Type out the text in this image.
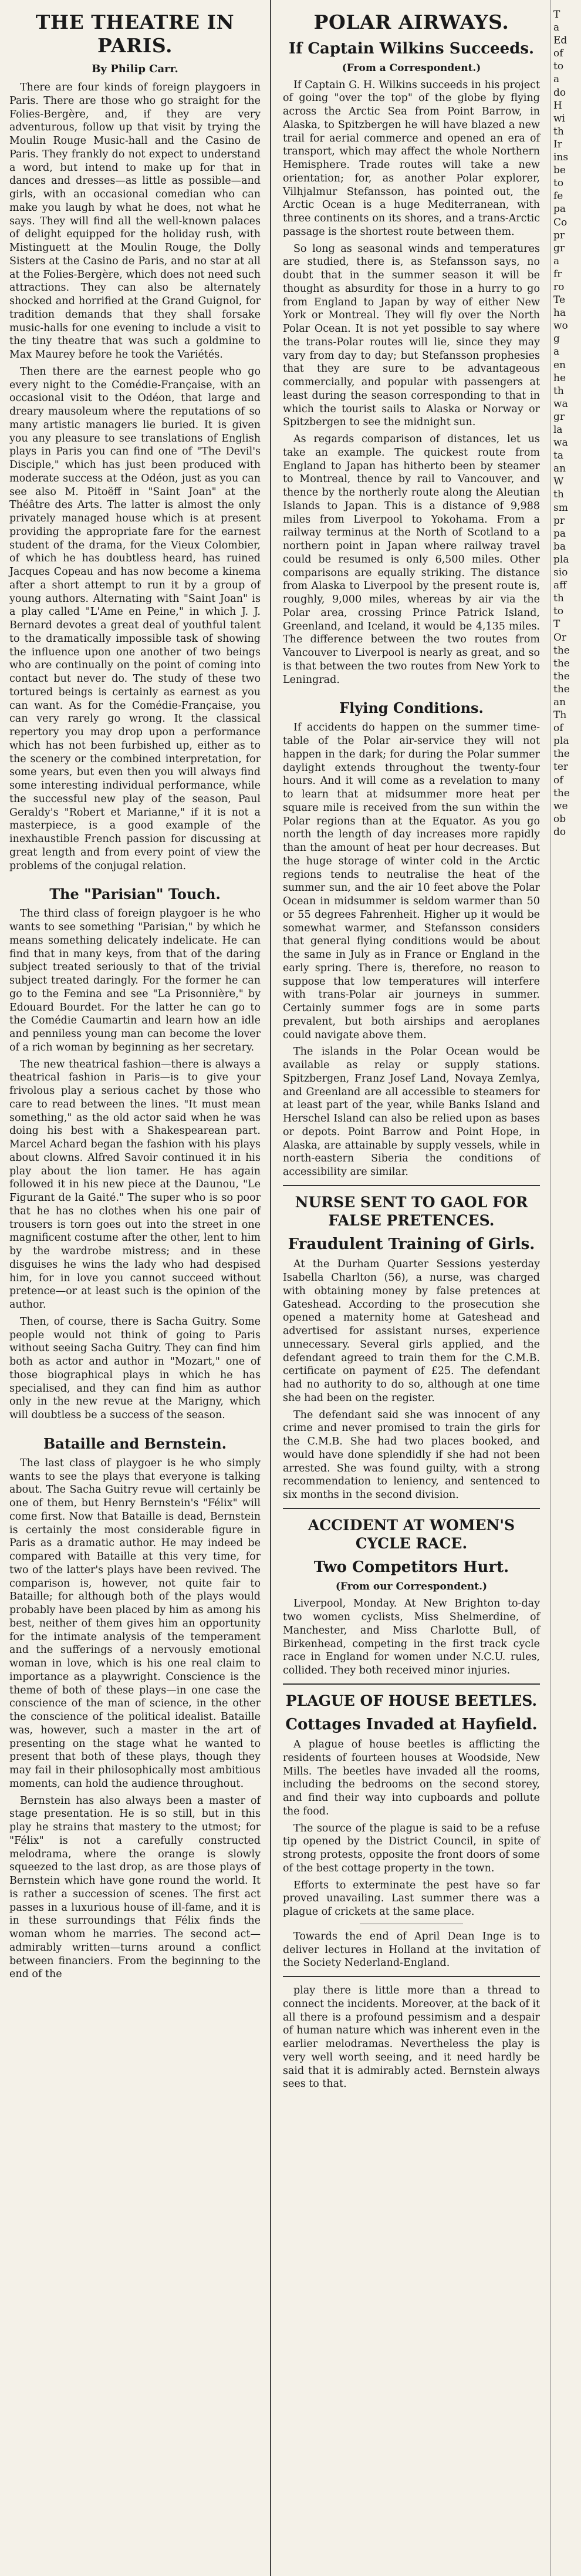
THE THEATRE IN PARIS.
By Philip Carr.

There are four kinds of foreign playgoers in Paris. There are those who go straight for the Folies-Bergère, and, if they are very adventurous, follow up that visit by trying the Moulin Rouge Music-hall and the Casino de Paris. They frankly do not expect to understand a word, but intend to make up for that in dances and dresses—as little as possible—and girls, with an occasional comedian who can make you laugh by what he does, not what he says. They will find all the well-known palaces of delight equipped for the holiday rush, with Mistinguett at the Moulin Rouge, the Dolly Sisters at the Casino de Paris, and no star at all at the Folies-Bergère, which does not need such attractions. They can also be alternately shocked and horrified at the Grand Guignol, for tradition demands that they shall forsake music-halls for one evening to include a visit to the tiny theatre that was such a goldmine to Max Maurey before he took the Variétés.

Then there are the earnest people who go every night to the Comédie-Française, with an occasional visit to the Odéon, that large and dreary mausoleum where the reputations of so many artistic managers lie buried. It is given you any pleasure to see translations of English plays in Paris you can find one of "The Devil's Disciple," which has just been produced with moderate success at the Odéon, just as you can see also M. Pitoëff in "Saint Joan" at the Théâtre des Arts. The latter is almost the only privately managed house which is at present providing the appropriate fare for the earnest student of the drama, for the Vieux Colombier, of which he has doubtless heard, has ruined Jacques Copeau and has now become a kinema after a short attempt to run it by a group of young authors. Alternating with "Saint Joan" is a play called "L'Ame en Peine," in which J. J. Bernard devotes a great deal of youthful talent to the dramatically impossible task of showing the influence upon one another of two beings who are continually on the point of coming into contact but never do. The study of these two tortured beings is certainly as earnest as you can want. As for the Comédie-Française, you can very rarely go wrong. It the classical repertory you may drop upon a performance which has not been furbished up, either as to the scenery or the combined interpretation, for some years, but even then you will always find some interesting individual performance, while the successful new play of the season, Paul Geraldy's "Robert et Marianne," if it is not a masterpiece, is a good example of the inexhaustible French passion for discussing at great length and from every point of view the problems of the conjugal relation.

The "Parisian" Touch.

The third class of foreign playgoer is he who wants to see something "Parisian," by which he means something delicately indelicate. He can find that in many keys, from that of the daring subject treated seriously to that of the trivial subject treated daringly. For the former he can go to the Femina and see "La Prisonnière," by Edouard Bourdet. For the latter he can go to the Comédie Caumartin and learn how an idle and penniless young man can become the lover of a rich woman by beginning as her secretary.

The new theatrical fashion—there is always a theatrical fashion in Paris—is to give your frivolous play a serious cachet by those who care to read between the lines. "It must mean something," as the old actor said when he was doing his best with a Shakespearean part. Marcel Achard began the fashion with his plays about clowns. Alfred Savoir continued it in his play about the lion tamer. He has again followed it in his new piece at the Daunou, "Le Figurant de la Gaité." The super who is so poor that he has no clothes when his one pair of trousers is torn goes out into the street in one magnificent costume after the other, lent to him by the wardrobe mistress; and in these disguises he wins the lady who had despised him, for in love you cannot succeed without pretence—or at least such is the opinion of the author.

Then, of course, there is Sacha Guitry. Some people would not think of going to Paris without seeing Sacha Guitry. They can find him both as actor and author in "Mozart," one of those biographical plays in which he has specialised, and they can find him as author only in the new revue at the Marigny, which will doubtless be a success of the season.

Bataille and Bernstein.

The last class of playgoer is he who simply wants to see the plays that everyone is talking about. The Sacha Guitry revue will certainly be one of them, but Henry Bernstein's "Félix" will come first. Now that Bataille is dead, Bernstein is certainly the most considerable figure in Paris as a dramatic author. He may indeed be compared with Bataille at this very time, for two of the latter's plays have been revived. The comparison is, however, not quite fair to Bataille; for although both of the plays would probably have been placed by him as among his best, neither of them gives him an opportunity for the intimate analysis of the temperament and the sufferings of a nervously emotional woman in love, which is his one real claim to importance as a playwright. Conscience is the theme of both of these plays—in one case the conscience of the man of science, in the other the conscience of the political idealist. Bataille was, however, such a master in the art of presenting on the stage what he wanted to present that both of these plays, though they may fail in their philosophically most ambitious moments, can hold the audience throughout.

Bernstein has also always been a master of stage presentation. He is so still, but in this play he strains that mastery to the utmost; for "Félix" is not a carefully constructed melodrama, where the orange is slowly squeezed to the last drop, as are those plays of Bernstein which have gone round the world. It is rather a succession of scenes. The first act passes in a luxurious house of ill-fame, and it is in these surroundings that Félix finds the woman whom he marries. The second act—admirably written—turns around a conflict between financiers. From the beginning to the end of the

POLAR AIRWAYS.
If Captain Wilkins Succeeds.
(From a Correspondent.)

If Captain G. H. Wilkins succeeds in his project of going "over the top" of the globe by flying across the Arctic Sea from Point Barrow, in Alaska, to Spitzbergen he will have blazed a new trail for aerial commerce and opened an era of transport, which may affect the whole Northern Hemisphere. Trade routes will take a new orientation; for, as another Polar explorer, Vilhjalmur Stefansson, has pointed out, the Arctic Ocean is a huge Mediterranean, with three continents on its shores, and a trans-Arctic passage is the shortest route between them.

So long as seasonal winds and temperatures are studied, there is, as Stefansson says, no doubt that in the summer season it will be thought as absurdity for those in a hurry to go from England to Japan by way of either New York or Montreal. They will fly over the North Polar Ocean. It is not yet possible to say where the trans-Polar routes will lie, since they may vary from day to day; but Stefansson prophesies that they are sure to be advantageous commercially, and popular with passengers at least during the season corresponding to that in which the tourist sails to Alaska or Norway or Spitzbergen to see the midnight sun.

As regards comparison of distances, let us take an example. The quickest route from England to Japan has hitherto been by steamer to Montreal, thence by rail to Vancouver, and thence by the northerly route along the Aleutian Islands to Japan. This is a distance of 9,988 miles from Liverpool to Yokohama. From a railway terminus at the North of Scotland to a northern point in Japan where railway travel could be resumed is only 6,500 miles. Other comparisons are equally striking. The distance from Alaska to Liverpool by the present route is, roughly, 9,000 miles, whereas by air via the Polar area, crossing Prince Patrick Island, Greenland, and Iceland, it would be 4,135 miles. The difference between the two routes from Vancouver to Liverpool is nearly as great, and so is that between the two routes from New York to Leningrad.

Flying Conditions.

If accidents do happen on the summer time-table of the Polar air-service they will not happen in the dark; for during the Polar summer daylight extends throughout the twenty-four hours. And it will come as a revelation to many to learn that at midsummer more heat per square mile is received from the sun within the Polar regions than at the Equator. As you go north the length of day increases more rapidly than the amount of heat per hour decreases. But the huge storage of winter cold in the Arctic regions tends to neutralise the heat of the summer sun, and the air 10 feet above the Polar Ocean in midsummer is seldom warmer than 50 or 55 degrees Fahrenheit. Higher up it would be somewhat warmer, and Stefansson considers that general flying conditions would be about the same in July as in France or England in the early spring. There is, therefore, no reason to suppose that low temperatures will interfere with trans-Polar air journeys in summer. Certainly summer fogs are in some parts prevalent, but both airships and aeroplanes could navigate above them.

The islands in the Polar Ocean would be available as relay or supply stations. Spitzbergen, Franz Josef Land, Novaya Zemlya, and Greenland are all accessible to steamers for at least part of the year, while Banks Island and Herschel Island can also be relied upon as bases or depots. Point Barrow and Point Hope, in Alaska, are attainable by supply vessels, while in north-eastern Siberia the conditions of accessibility are similar.

NURSE SENT TO GAOL FOR FALSE PRETENCES.
Fraudulent Training of Girls.

At the Durham Quarter Sessions yesterday Isabella Charlton (56), a nurse, was charged with obtaining money by false pretences at Gateshead. According to the prosecution she opened a maternity home at Gateshead and advertised for assistant nurses, experience unnecessary. Several girls applied, and the defendant agreed to train them for the C.M.B. certificate on payment of £25. The defendant had no authority to do so, although at one time she had been on the register.

The defendant said she was innocent of any crime and never promised to train the girls for the C.M.B. She had two places booked, and would have done splendidly if she had not been arrested. She was found guilty, with a strong recommendation to leniency, and sentenced to six months in the second division.

ACCIDENT AT WOMEN'S CYCLE RACE.
Two Competitors Hurt.
(From our Correspondent.)

Liverpool, Monday. At New Brighton to-day two women cyclists, Miss Shelmerdine, of Manchester, and Miss Charlotte Bull, of Birkenhead, competing in the first track cycle race in England for women under N.C.U. rules, collided. They both received minor injuries.

PLAGUE OF HOUSE BEETLES.
Cottages Invaded at Hayfield.

A plague of house beetles is afflicting the residents of fourteen houses at Woodside, New Mills. The beetles have invaded all the rooms, including the bedrooms on the second storey, and find their way into cupboards and pollute the food.

The source of the plague is said to be a refuse tip opened by the District Council, in spite of strong protests, opposite the front doors of some of the best cottage property in the town.

Efforts to exterminate the pest have so far proved unavailing. Last summer there was a plague of crickets at the same place.

Towards the end of April Dean Inge is to deliver lectures in Holland at the invitation of the Society Nederland-England.

play there is little more than a thread to connect the incidents. Moreover, at the back of it all there is a profound pessimism and a despair of human nature which was inherent even in the earlier melodramas. Nevertheless the play is very well worth seeing, and it need hardly be said that it is admirably acted. Bernstein always sees to that.

T
a
Ed
of
to
a
do
H
wi
th
Ir
ins
be
to
fe
pa
Co
pr
gr
a
fr
ro
Te
ha
wo
g
a
en
he
th
wa
gr
la
wa
ta
an
W
th
sm
pr
pa
ba
pla
sio
aff
th
to
T
Or
the
the
the
the
an
Th
of
pla
the
ter
of
the
we
ob
do
